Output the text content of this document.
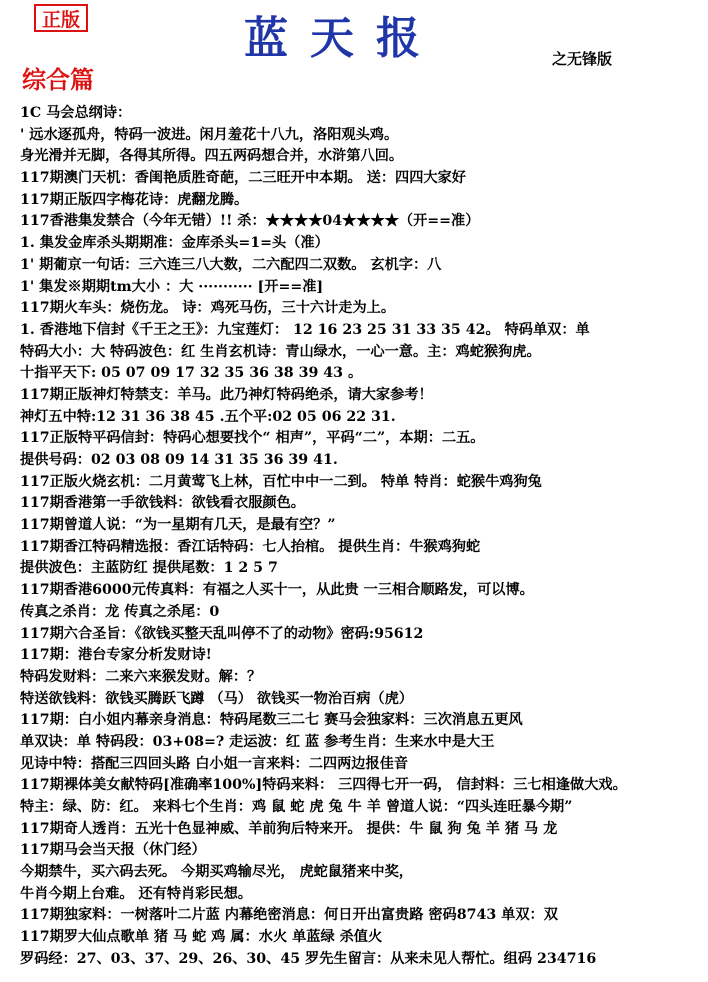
正版	蓝天报	之无锋版
综合篇
1C 马会总纲诗：
' 远水逐孤舟，特码一波进。闲月羞花十八九，洛阳观头鸡。
身光滑并无脚，各得其所得。四五两码想合并，水浒第八回。
117期澳门天机：香闺艳质胜奇葩，二三旺开中本期。 送：四四大家好
117期正版四字梅花诗：虎翻龙腾。
117香港集发禁合（今年无错）!! 杀：★★★★04★★★★（开==准）
1. 集发金库杀头期期准：金库杀头=1=头（准）
1' 期葡京一句话：三六连三八大数，二六配四二双数。 玄机字：八
1' 集发※期期tm大小 ：大 ··········· [开==准]
117期火车头：烧伤龙。 诗：鸡死马伤，三十六计走为上。
1. 香港地下信封《千王之王》：九宝莲灯： 12 16 23 25 31 33 35 42。 特码单双：单
特码大小：大 特码波色：红 生肖玄机诗：青山绿水，一心一意。主：鸡蛇猴狗虎。
十指平天下: 05 07 09 17 32 35 36 38 39 43 。
117期正版神灯特禁支：羊马。此乃神灯特码绝杀，请大家参考！
神灯五中特:12 31 36 38 45 .五个平:02 05 06 22 31.
117正版特平码信封：特码心想要找个“ 相声”，平码“二”，本期：二五。
提供号码：02 03 08 09 14 31 35 36 39 41.
117正版火烧玄机：二月黄莺飞上林，百忙中中一二到。 特单 特肖：蛇猴牛鸡狗兔
117期香港第一手欲钱料：欲钱看衣服颜色。
117期曾道人说：“为一星期有几天，是最有空？”
117期香江特码精选报：香江话特码：七人抬棺。 提供生肖：牛猴鸡狗蛇
提供波色：主蓝防红 提供尾数：1 2 5 7
117期香港6000元传真料：有福之人买十一，从此贵 一三相合顺路发，可以博。
传真之杀肖：龙 传真之杀尾：0
117期六合圣旨：《欲钱买整天乱叫停不了的动物》密码:95612
117期：港台专家分析发财诗!
特码发财料：二来六来猴发财。解：？
特送欲钱料：欲钱买腾跃飞蹲 （马） 欲钱买一物治百病（虎）
117期：白小姐内幕亲身消息：特码尾数三二七 赛马会独家料：三次消息五更风
单双诀：单 特码段：03+08=? 走运波：红 蓝 参考生肖：生来水中是大王
见诗中特：搭配三四回头路 白小姐一言来料：二四两边报佳音
117期裸体美女献特码[准确率100%]特码来料： 三四得七开一码， 信封料：三七相逢做大戏。
特主：绿、防：红。 来料七个生肖：鸡 鼠 蛇 虎 兔 牛 羊 曾道人说：“四头连旺暴今期”
117期奇人透肖：五光十色显神威、羊前狗后特来开。 提供：牛 鼠 狗 兔 羊 猪 马 龙
117期马会当天报（休门经）
今期禁牛，买六码去死。 今期买鸡输尽光， 虎蛇鼠猪来中奖，
牛肖今期上台难。 还有特肖彩民想。
117期独家料：一树落叶二片蓝 内幕绝密消息：何日开出富贵路 密码8743 单双：双
117期罗大仙点歌单 猪 马 蛇 鸡 属：水火 单蓝绿 杀值火
罗码经：27、03、37、29、26、30、45 罗先生留言：从来未见人帮忙。组码 234716
